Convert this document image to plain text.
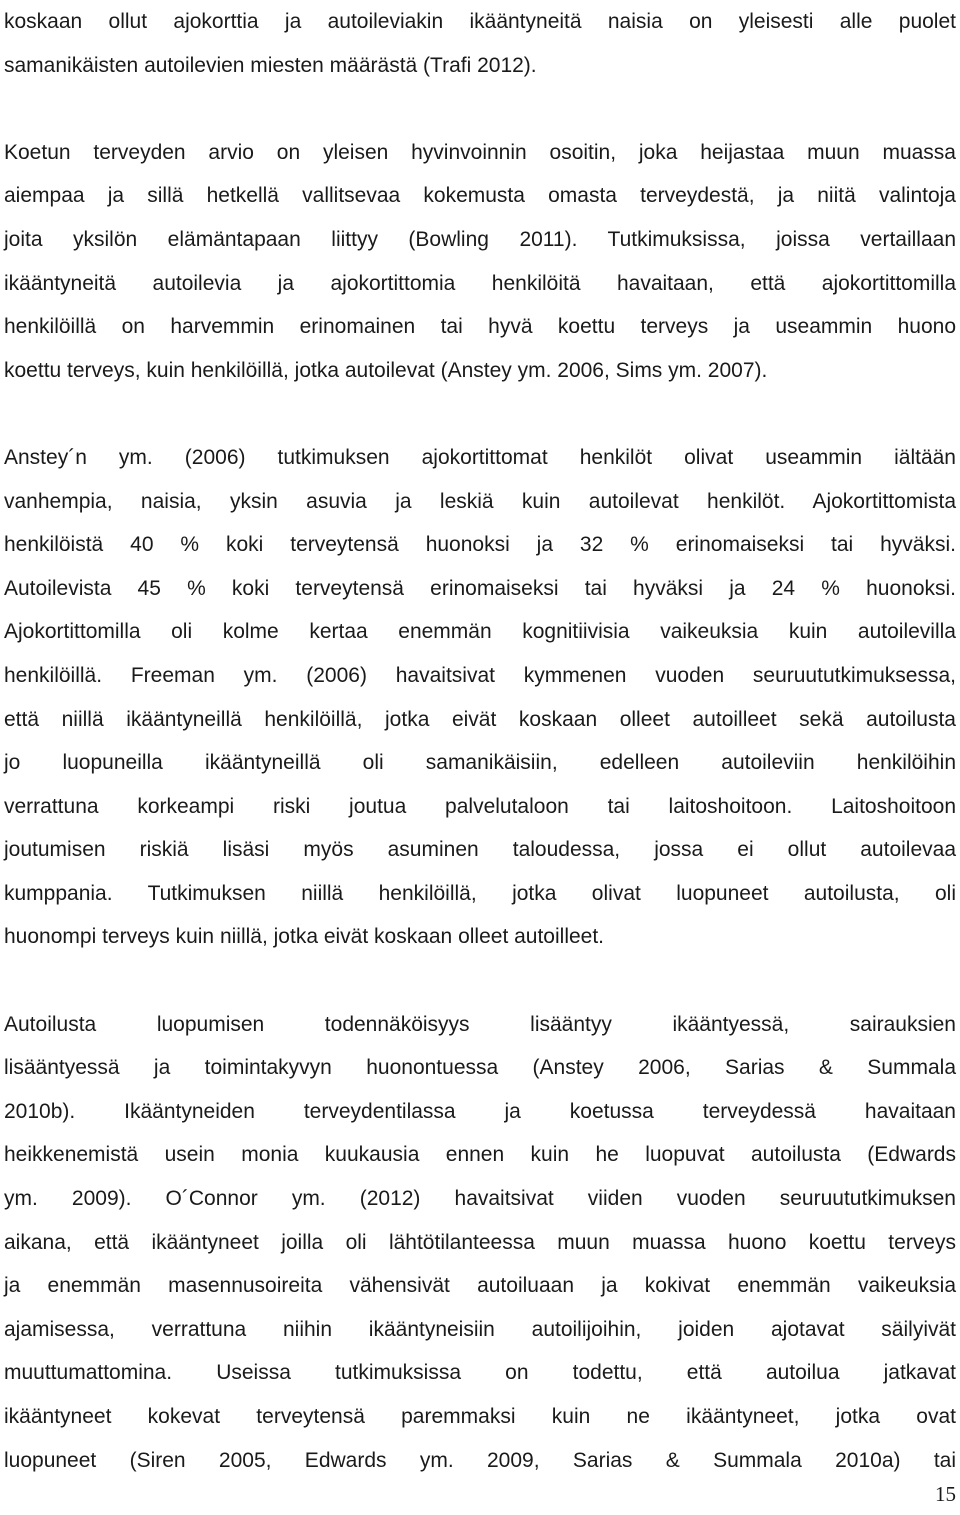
koskaan ollut ajokorttia ja autoileviakin ikääntyneitä naisia on yleisesti alle puolet
samanikäisten autoilevien miesten määrästä (Trafi 2012).
Koetun terveyden arvio on yleisen hyvinvoinnin osoitin, joka heijastaa muun muassa
aiempaa ja sillä hetkellä vallitsevaa kokemusta omasta terveydestä, ja niitä valintoja
joita yksilön elämäntapaan liittyy (Bowling 2011). Tutkimuksissa, joissa vertaillaan
ikääntyneitä autoilevia ja ajokortittomia henkilöitä havaitaan, että ajokortittomilla
henkilöillä on harvemmin erinomainen tai hyvä koettu terveys ja useammin huono
koettu terveys, kuin henkilöillä, jotka autoilevat (Anstey ym. 2006, Sims ym. 2007).
Anstey´n ym. (2006) tutkimuksen ajokortittomat henkilöt olivat useammin iältään
vanhempia, naisia, yksin asuvia ja leskiä kuin autoilevat henkilöt. Ajokortittomista
henkilöistä 40 % koki terveytensä huonoksi ja 32 % erinomaiseksi tai hyväksi.
Autoilevista 45 % koki terveytensä erinomaiseksi tai hyväksi ja 24 % huonoksi.
Ajokortittomilla oli kolme kertaa enemmän kognitiivisia vaikeuksia kuin autoilevilla
henkilöillä. Freeman ym. (2006) havaitsivat kymmenen vuoden seuruututkimuksessa,
että niillä ikääntyneillä henkilöillä, jotka eivät koskaan olleet autoilleet sekä autoilusta
jo luopuneilla ikääntyneillä oli samanikäisiin, edelleen autoileviin henkilöihin
verrattuna korkeampi riski joutua palvelutaloon tai laitoshoitoon. Laitoshoitoon
joutumisen riskiä lisäsi myös asuminen taloudessa, jossa ei ollut autoilevaa
kumppania. Tutkimuksen niillä henkilöillä, jotka olivat luopuneet autoilusta, oli
huonompi terveys kuin niillä, jotka eivät koskaan olleet autoilleet.
Autoilusta luopumisen todennäköisyys lisääntyy ikääntyessä, sairauksien
lisääntyessä ja toimintakyvyn huonontuessa (Anstey 2006, Sarias & Summala
2010b). Ikääntyneiden terveydentilassa ja koetussa terveydessä havaitaan
heikkenemistä usein monia kuukausia ennen kuin he luopuvat autoilusta (Edwards
ym. 2009). O´Connor ym. (2012) havaitsivat viiden vuoden seuruututkimuksen
aikana, että ikääntyneet joilla oli lähtötilanteessa muun muassa huono koettu terveys
ja enemmän masennusoireita vähensivät autoiluaan ja kokivat enemmän vaikeuksia
ajamisessa, verrattuna niihin ikääntyneisiin autoilijoihin, joiden ajotavat säilyivät
muuttumattomina. Useissa tutkimuksissa on todettu, että autoilua jatkavat
ikääntyneet kokevat terveytensä paremmaksi kuin ne ikääntyneet, jotka ovat
luopuneet (Siren 2005, Edwards ym. 2009, Sarias & Summala 2010a) tai
15
